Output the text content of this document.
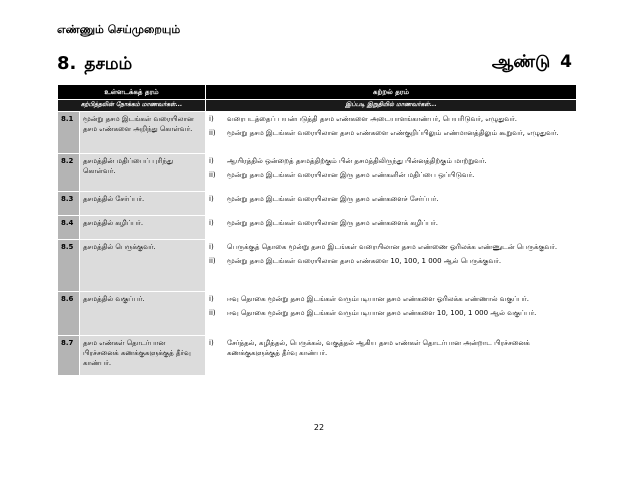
எண்ணும் செய்முறையும்
8. தசமம்	ஆண்டு 4
உள்ளடக்கத் தரம்		கற்றல் தரம்
கற்பித்தலின் நோக்கம் மாணவர்கள்...		இப்படி இறுதியில் மாணவர்கள்...
8.1	மூன்று தசம இடங்கள் வரையிலான தசம எண்களை அறிந்து கொள்வர்.	i) வரைபடத்தைப் பயன்படுத்தி தசம எண்களை அடையாளங்காண்பர், பெயரிடுவர், எழுதுவர்.
ii) மூன்று தசம இடங்கள் வரையிலான தசம எண்களை எண்குறிப்பிலும் எண்மானத்திலும் கூறுவர், எழுதுவர்.

8.2	தசமத்தின் மதிப்பைப் புரிந்து கொள்வர்.	i) ஆயிரத்தில் ஒன்றைத் தசமத்திற்கும் பின் தசமத்திலிருந்து பின்னத்திற்கும் மாற்றுவர்.
ii) மூன்று தசம இடங்கள் வரையிலான இரு தசம எண்களின் மதிப்பை ஒப்பிடுவர்.

8.3	தசமத்தில் சேர்ப்பர்.	i) மூன்று தசம இடங்கள் வரையிலான இரு தசம எண்களைச் சேர்ப்பர்.

8.4	தசமத்தில் கழிப்பர்.	i) மூன்று தசம இடங்கள் வரையிலான இரு தசம எண்களைக் கழிப்பர்.

8.5	தசமத்தில் பெருக்குவர்.	i) பெருக்குத் தொகை மூன்று தசம இடங்கள் வரையிலான தசம எண்ணை ஓரிலக்க எண்ணுடன் பெருக்குவர்.
ii) மூன்று தசம இடங்கள் வரையிலான தசம எண்களை 10, 100, 1 000 ஆல் பெருக்குவர்.

8.6	தசமத்தில் வகுப்பர்.	i) ஈவு தொகை மூன்று தசம இடங்கள் வரும்படியான தசம எண்களை ஓரிலக்க எண்ணால் வகுப்பர்.
ii) ஈவு தொகை மூன்று தசம இடங்கள் வரும்படியான தசம எண்களை 10, 100, 1 000 ஆல் வகுப்பர்.

8.7	தசம எண்கள் தொடர்பான பிரச்சனைக் கணக்குகளுக்குத் தீர்வு காண்பர்.	i) சேர்த்தல், கழித்தல், பெருக்கல், வகுத்தல் ஆகிய தசம எண்கள் தொடர்பான அன்றாட பிரச்சனைக் கணக்குகளுக்குத் தீர்வு காண்பர்.
22
